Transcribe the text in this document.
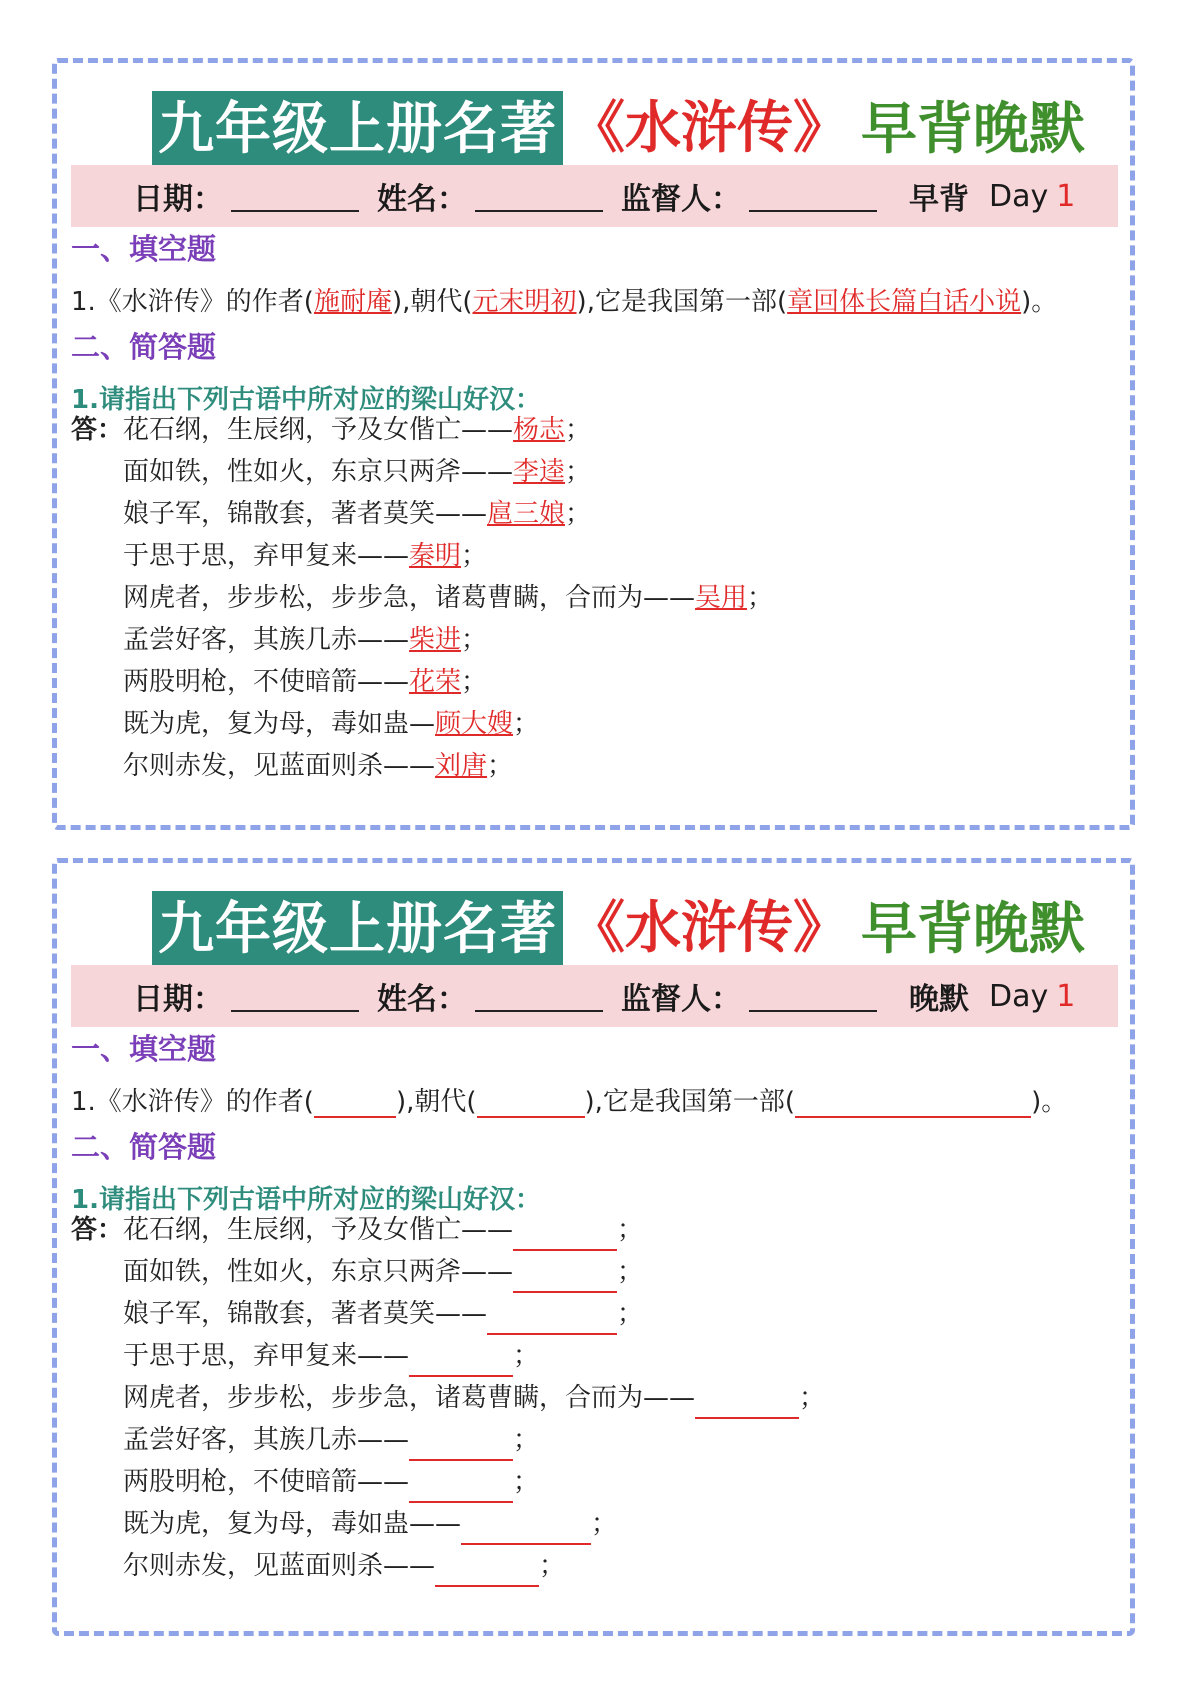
九年级上册名著 《水浒传》 早背晚默
日期：	姓名：	监督人：	早背 Day 1
一、填空题
1.《水浒传》的作者(施耐庵),朝代(元末明初),它是我国第一部(章回体长篇白话小说)。
二、简答题
1.请指出下列古语中所对应的梁山好汉：
答：花石纲，生辰纲，予及女偕亡——杨志；
面如铁，性如火，东京只两斧——李逵；
娘子军，锦散套，著者莫笑——扈三娘；
于思于思，弃甲复来——秦明；
网虎者，步步松，步步急，诸葛曹瞒，合而为——吴用；
孟尝好客，其族几赤——柴进；
两股明枪，不使暗箭——花荣；
既为虎，复为母，毒如蛊—顾大嫂；
尔则赤发，见蓝面则杀——刘唐；
九年级上册名著 《水浒传》 早背晚默
日期：	姓名：	监督人：	晚默 Day 1
一、填空题
1.《水浒传》的作者(	),朝代(	),它是我国第一部(	)。
二、简答题
1.请指出下列古语中所对应的梁山好汉：
答：花石纲，生辰纲，予及女偕亡——	；
面如铁，性如火，东京只两斧——	；
娘子军，锦散套，著者莫笑——	；
于思于思，弃甲复来——	；
网虎者，步步松，步步急，诸葛曹瞒，合而为——	；
孟尝好客，其族几赤——	；
两股明枪，不使暗箭——	；
既为虎，复为母，毒如蛊——	；
尔则赤发，见蓝面则杀——	；
